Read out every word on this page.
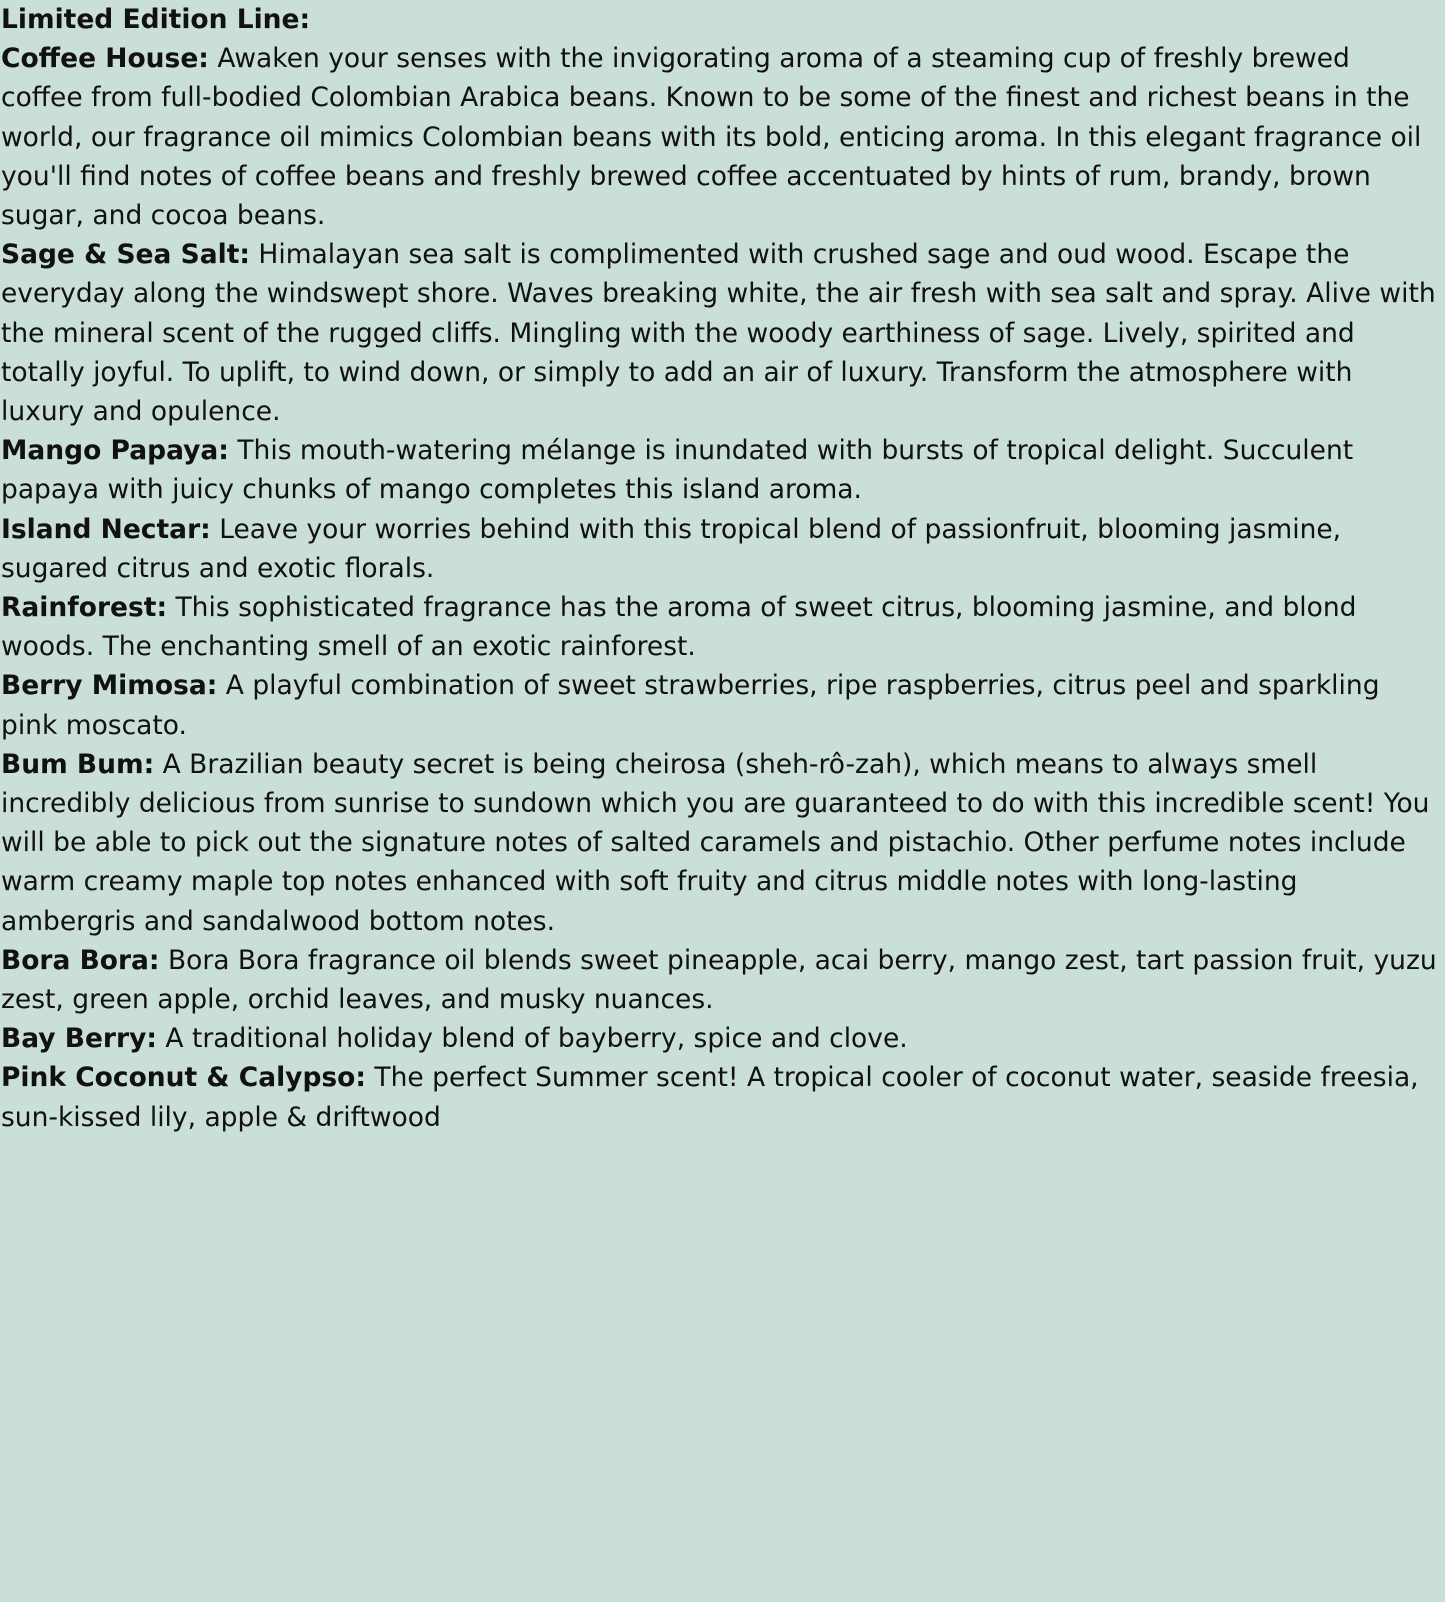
Limited Edition Line:

Coffee House: Awaken your senses with the invigorating aroma of a steaming cup of freshly brewed coffee from full-bodied Colombian Arabica beans. Known to be some of the finest and richest beans in the world, our fragrance oil mimics Colombian beans with its bold, enticing aroma. In this elegant fragrance oil you'll find notes of coffee beans and freshly brewed coffee accentuated by hints of rum, brandy, brown sugar, and cocoa beans.

Sage & Sea Salt: Himalayan sea salt is complimented with crushed sage and oud wood. Escape the everyday along the windswept shore. Waves breaking white, the air fresh with sea salt and spray. Alive with the mineral scent of the rugged cliffs. Mingling with the woody earthiness of sage. Lively, spirited and totally joyful. To uplift, to wind down, or simply to add an air of luxury. Transform the atmosphere with luxury and opulence.

Mango Papaya: This mouth-watering mélange is inundated with bursts of tropical delight. Succulent papaya with juicy chunks of mango completes this island aroma.

Island Nectar: Leave your worries behind with this tropical blend of passionfruit, blooming jasmine, sugared citrus and exotic florals.

Rainforest: This sophisticated fragrance has the aroma of sweet citrus, blooming jasmine, and blond woods. The enchanting smell of an exotic rainforest.

Berry Mimosa: A playful combination of sweet strawberries, ripe raspberries, citrus peel and sparkling pink moscato.

Bum Bum: A Brazilian beauty secret is being cheirosa (sheh-rô-zah), which means to always smell incredibly delicious from sunrise to sundown which you are guaranteed to do with this incredible scent! You will be able to pick out the signature notes of salted caramels and pistachio. Other perfume notes include warm creamy maple top notes enhanced with soft fruity and citrus middle notes with long-lasting ambergris and sandalwood bottom notes.

Bora Bora: Bora Bora fragrance oil blends sweet pineapple, acai berry, mango zest, tart passion fruit, yuzu zest, green apple, orchid leaves, and musky nuances.

Bay Berry: A traditional holiday blend of bayberry, spice and clove.

Pink Coconut & Calypso: The perfect Summer scent! A tropical cooler of coconut water, seaside freesia, sun-kissed lily, apple & driftwood
